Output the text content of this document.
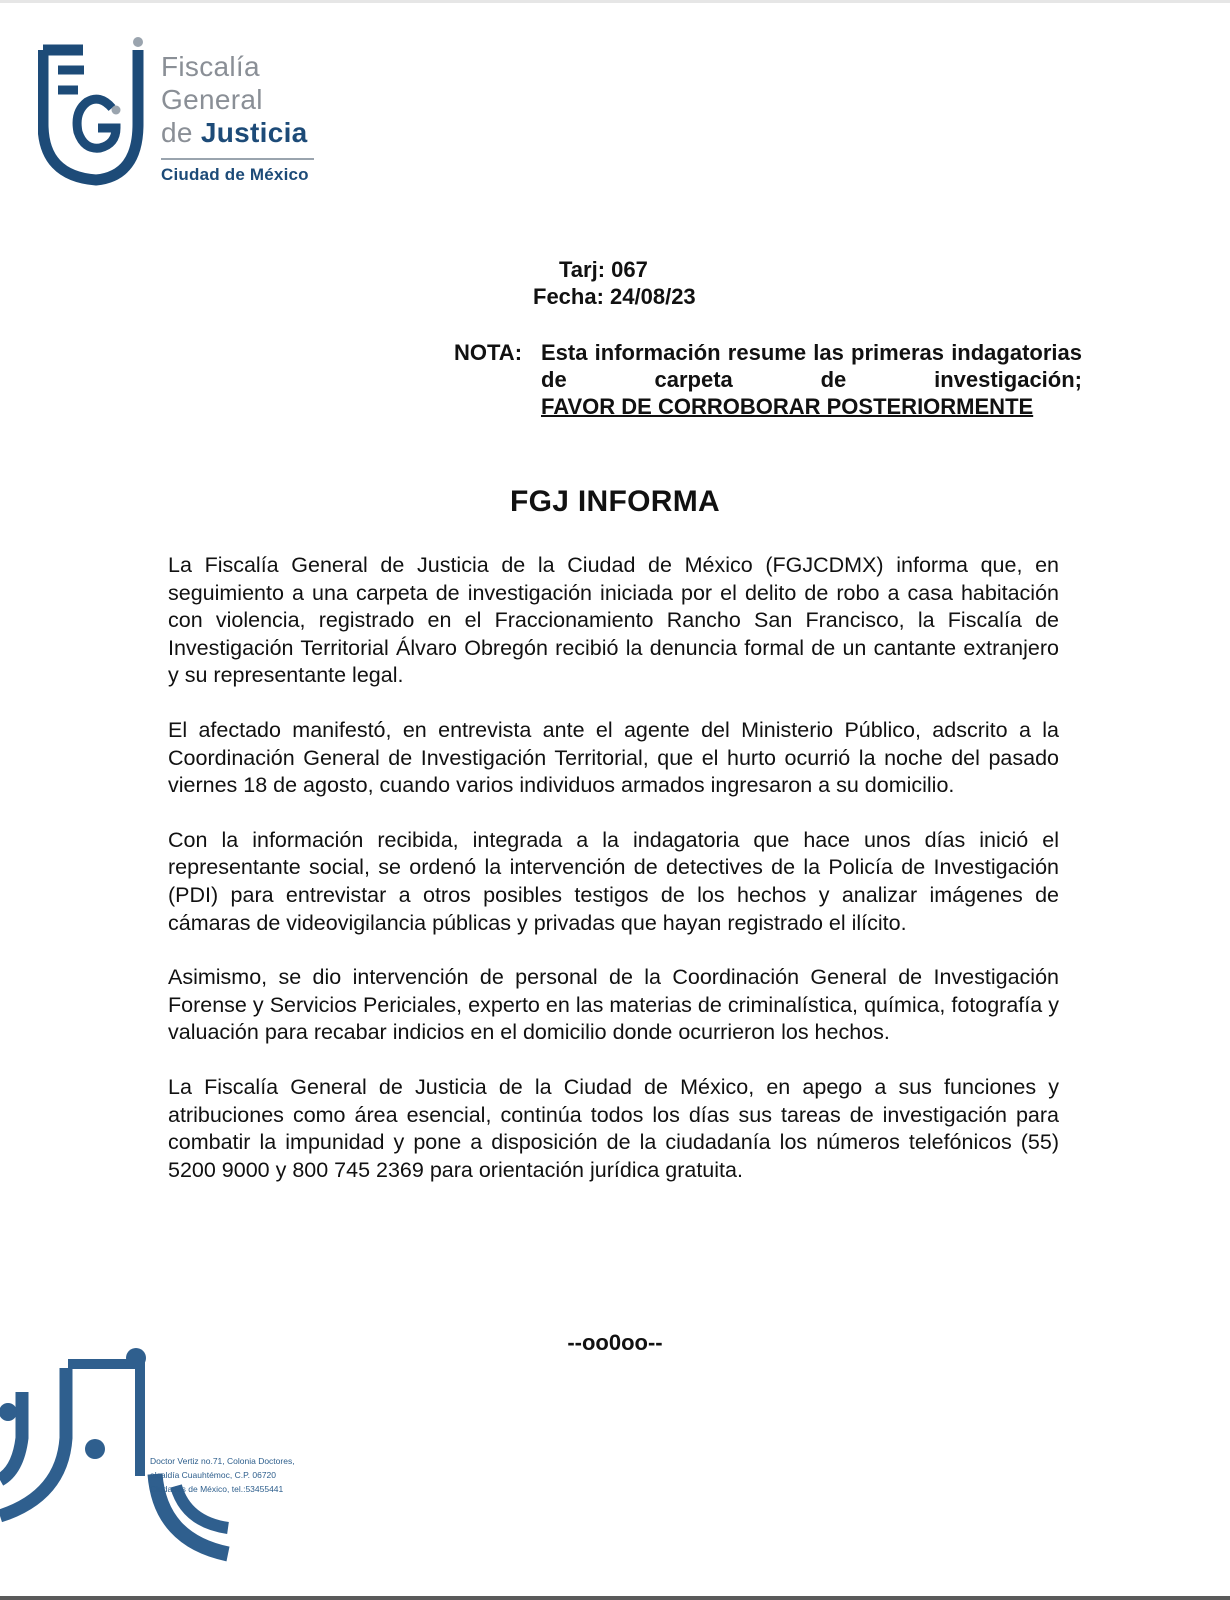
Fiscalía
General
de Justicia
Ciudad de México
Tarj: 067
Fecha: 24/08/23
NOTA: Esta información resume las primeras indagatorias de carpeta de investigación;
FAVOR DE CORROBORAR POSTERIORMENTE
FGJ INFORMA

La Fiscalía General de Justicia de la Ciudad de México (FGJCDMX) informa que, en seguimiento a una carpeta de investigación iniciada por el delito de robo a casa habitación con violencia, registrado en el Fraccionamiento Rancho San Francisco, la Fiscalía de Investigación Territorial Álvaro Obregón recibió la denuncia formal de un cantante extranjero y su representante legal.

El afectado manifestó, en entrevista ante el agente del Ministerio Público, adscrito a la Coordinación General de Investigación Territorial, que el hurto ocurrió la noche del pasado viernes 18 de agosto, cuando varios individuos armados ingresaron a su domicilio.

Con la información recibida, integrada a la indagatoria que hace unos días inició el representante social, se ordenó la intervención de detectives de la Policía de Investigación (PDI) para entrevistar a otros posibles testigos de los hechos y analizar imágenes de cámaras de videovigilancia públicas y privadas que hayan registrado el ilícito.

Asimismo, se dio intervención de personal de la Coordinación General de Investigación Forense y Servicios Periciales, experto en las materias de criminalística, química, fotografía y valuación para recabar indicios en el domicilio donde ocurrieron los hechos.

La Fiscalía General de Justicia de la Ciudad de México, en apego a sus funciones y atribuciones como área esencial, continúa todos los días sus tareas de investigación para combatir la impunidad y pone a disposición de la ciudadanía los números telefónicos (55) 5200 9000 y 800 745 2369 para orientación jurídica gratuita.

--oo0oo--
Doctor Vertiz no.71, Colonia Doctores,
alcaldía Cuauhtémoc, C.P. 06720
Ciudades de México, tel.:53455441
